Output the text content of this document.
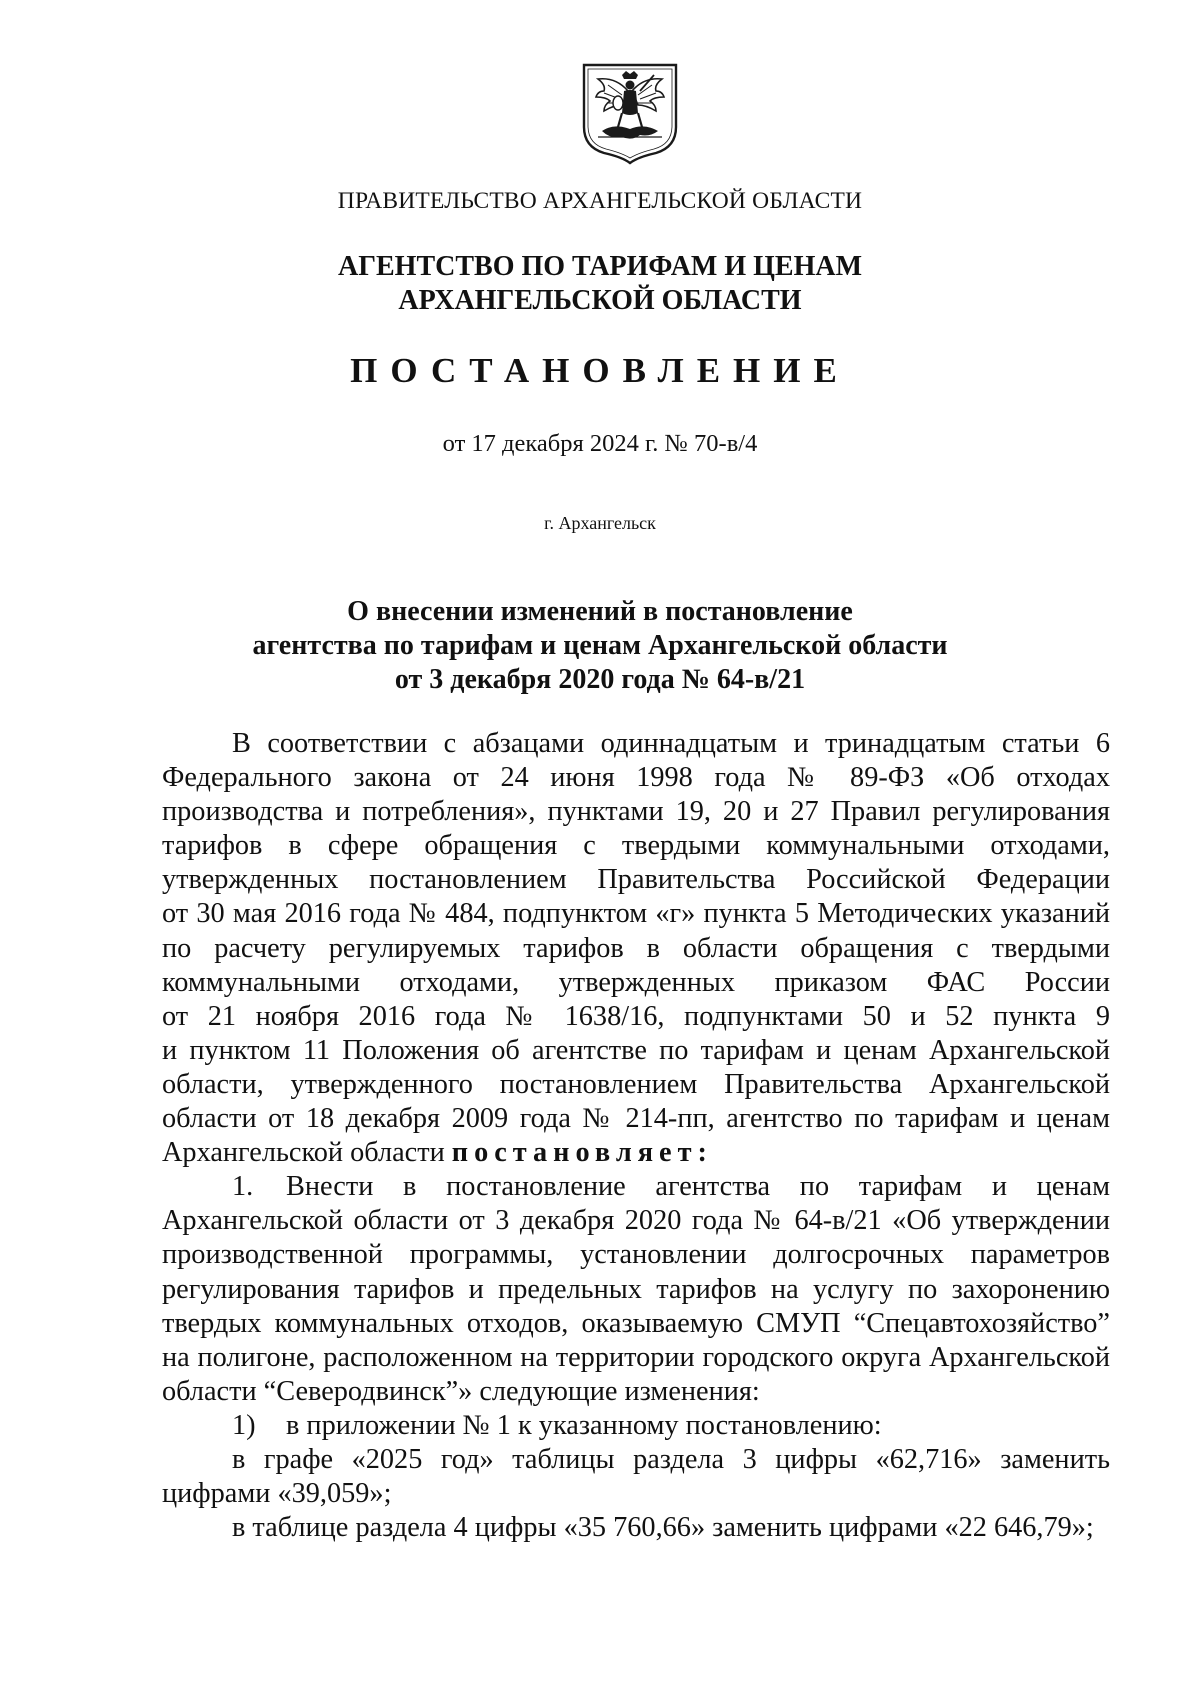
ПРАВИТЕЛЬСТВО АРХАНГЕЛЬСКОЙ ОБЛАСТИ
АГЕНТСТВО ПО ТАРИФАМ И ЦЕНАМ
АРХАНГЕЛЬСКОЙ ОБЛАСТИ
ПОСТАНОВЛЕНИЕ
от 17 декабря 2024 г. № 70-в/4
г. Архангельск
О внесении изменений в постановление
агентства по тарифам и ценам Архангельской области
от 3 декабря 2020 года № 64-в/21
В соответствии с абзацами одиннадцатым и тринадцатым статьи 6
Федерального закона от 24 июня 1998 года № 89-ФЗ «Об отходах
производства и потребления», пунктами 19, 20 и 27 Правил регулирования
тарифов в сфере обращения с твердыми коммунальными отходами,
утвержденных постановлением Правительства Российской Федерации
от 30 мая 2016 года № 484, подпунктом «г» пункта 5 Методических указаний
по расчету регулируемых тарифов в области обращения с твердыми
коммунальными отходами, утвержденных приказом ФАС России
от 21 ноября 2016 года № 1638/16, подпунктами 50 и 52 пункта 9
и пунктом 11 Положения об агентстве по тарифам и ценам Архангельской
области, утвержденного постановлением Правительства Архангельской
области от 18 декабря 2009 года № 214-пп, агентство по тарифам и ценам
Архангельской области постановляет:
1. Внести в постановление агентства по тарифам и ценам
Архангельской области от 3 декабря 2020 года № 64-в/21 «Об утверждении
производственной программы, установлении долгосрочных параметров
регулирования тарифов и предельных тарифов на услугу по захоронению
твердых коммунальных отходов, оказываемую СМУП “Спецавтохозяйство”
на полигоне, расположенном на территории городского округа Архангельской
области “Северодвинск”» следующие изменения:
1) в приложении № 1 к указанному постановлению:
в графе «2025 год» таблицы раздела 3 цифры «62,716» заменить
цифрами «39,059»;
в таблице раздела 4 цифры «35 760,66» заменить цифрами «22 646,79»;
